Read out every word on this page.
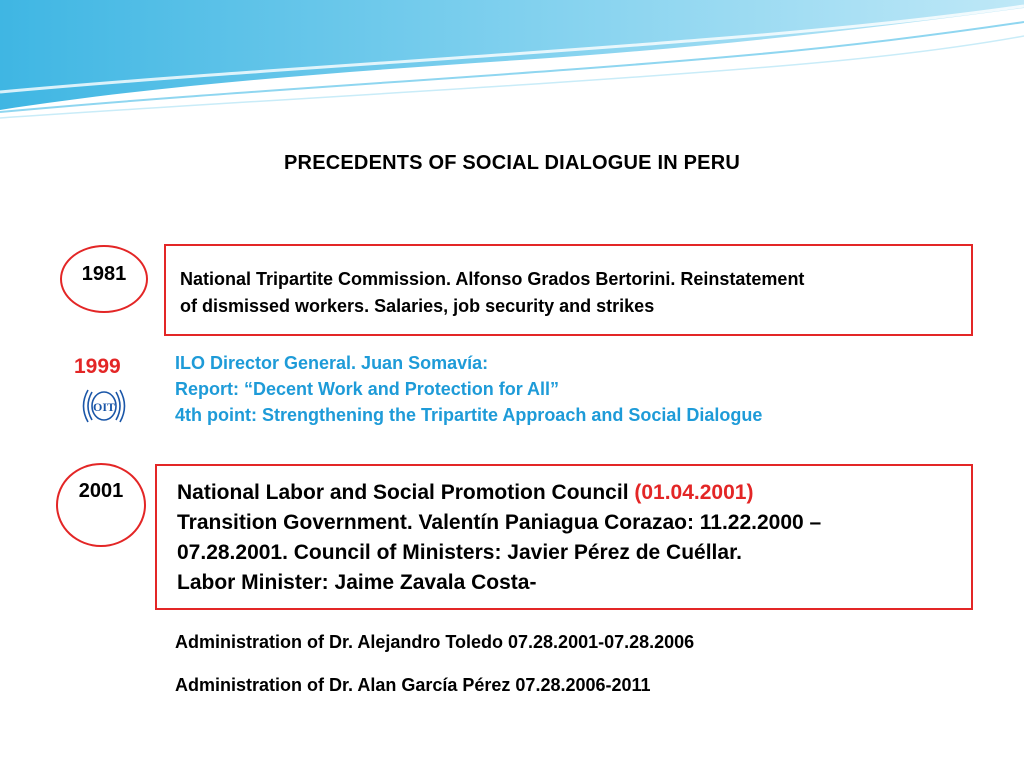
PRECEDENTS OF SOCIAL DIALOGUE IN PERU
1981	National Tripartite Commission. Alfonso Grados Bertorini. Reinstatement
of dismissed workers. Salaries, job security and strikes
1999
OIT
ILO Director General. Juan Somavía:
Report: “Decent Work and Protection for All”
4th point: Strengthening the Tripartite Approach and Social Dialogue
2001	National Labor and Social Promotion Council (01.04.2001)
Transition Government. Valentín Paniagua Corazao: 11.22.2000 –
07.28.2001. Council of Ministers: Javier Pérez de Cuéllar.
Labor Minister: Jaime Zavala Costa-
Administration of Dr. Alejandro Toledo 07.28.2001-07.28.2006
Administration of Dr. Alan García Pérez 07.28.2006-2011
